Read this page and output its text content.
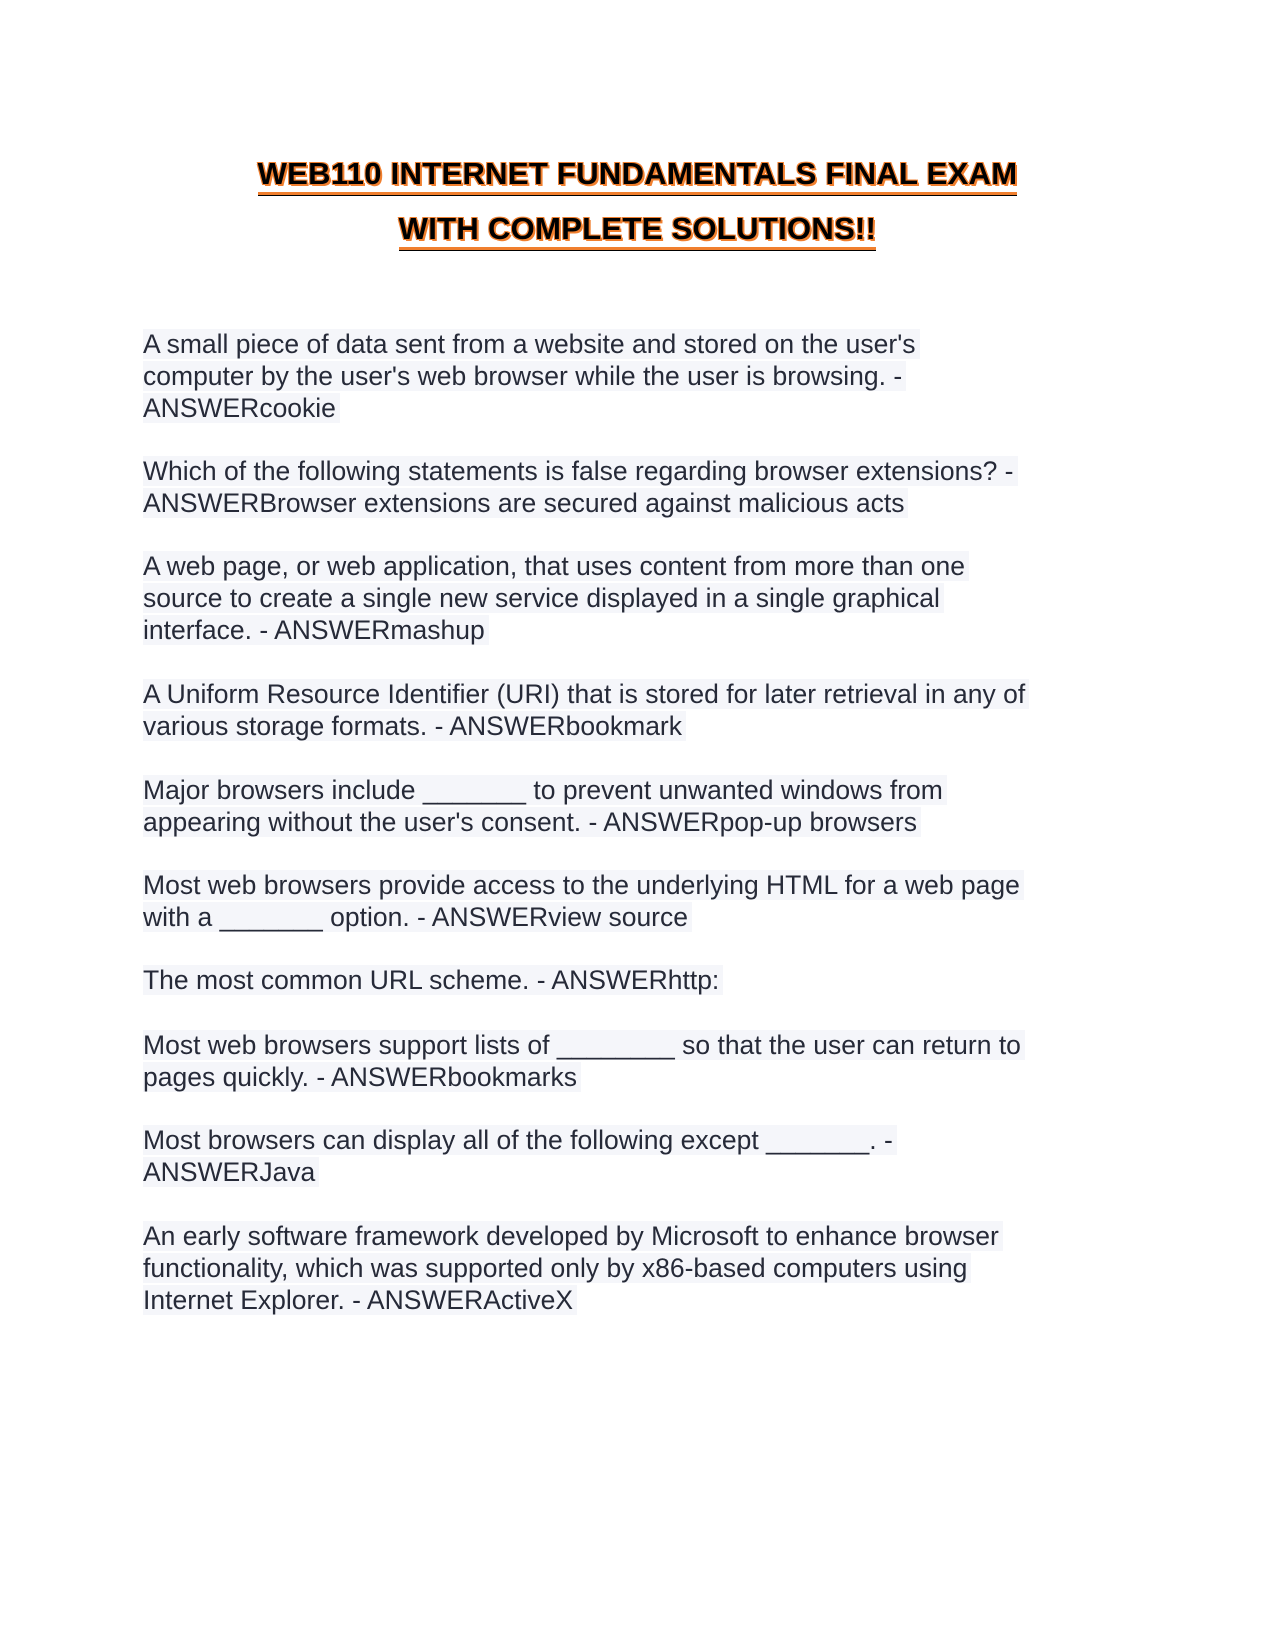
WEB110 INTERNET FUNDAMENTALS FINAL EXAM
WITH COMPLETE SOLUTIONS!!
A small piece of data sent from a website and stored on the user's
computer by the user's web browser while the user is browsing. -
ANSWERcookie
Which of the following statements is false regarding browser extensions? -
ANSWERBrowser extensions are secured against malicious acts
A web page, or web application, that uses content from more than one
source to create a single new service displayed in a single graphical
interface. - ANSWERmashup
A Uniform Resource Identifier (URI) that is stored for later retrieval in any of
various storage formats. - ANSWERbookmark
Major browsers include _______ to prevent unwanted windows from
appearing without the user's consent. - ANSWERpop-up browsers
Most web browsers provide access to the underlying HTML for a web page
with a _______ option. - ANSWERview source
The most common URL scheme. - ANSWERhttp:
Most web browsers support lists of ________ so that the user can return to
pages quickly. - ANSWERbookmarks
Most browsers can display all of the following except _______. -
ANSWERJava
An early software framework developed by Microsoft to enhance browser
functionality, which was supported only by x86-based computers using
Internet Explorer. - ANSWERActiveX
